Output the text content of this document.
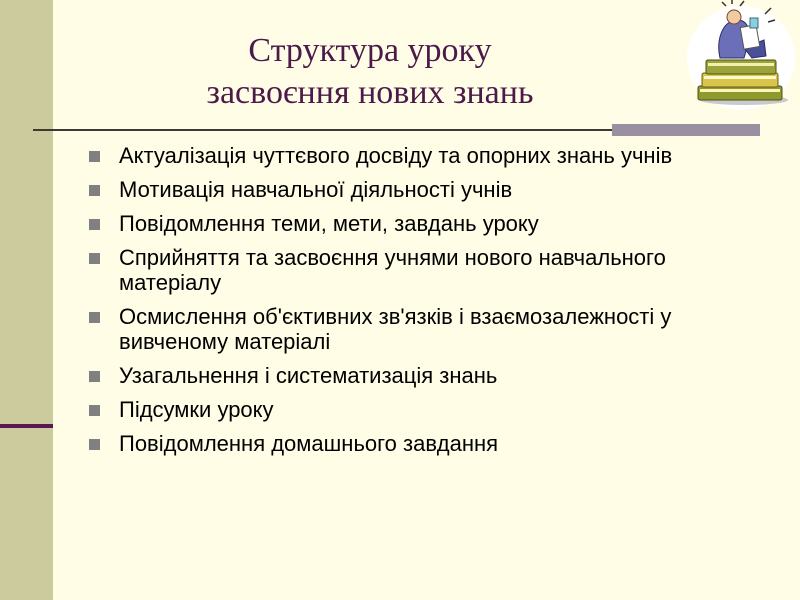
Структура уроку
засвоєння нових знань
Актуалізація чуттєвого досвіду та опорних знань учнів
Мотивація навчальної діяльності учнів
Повідомлення теми, мети, завдань уроку
Сприйняття та засвоєння учнями нового навчального матеріалу
Осмислення об'єктивних зв'язків і взаємозалежності у вивченому матеріалі
Узагальнення і систематизація знань
Підсумки уроку
Повідомлення домашнього завдання
